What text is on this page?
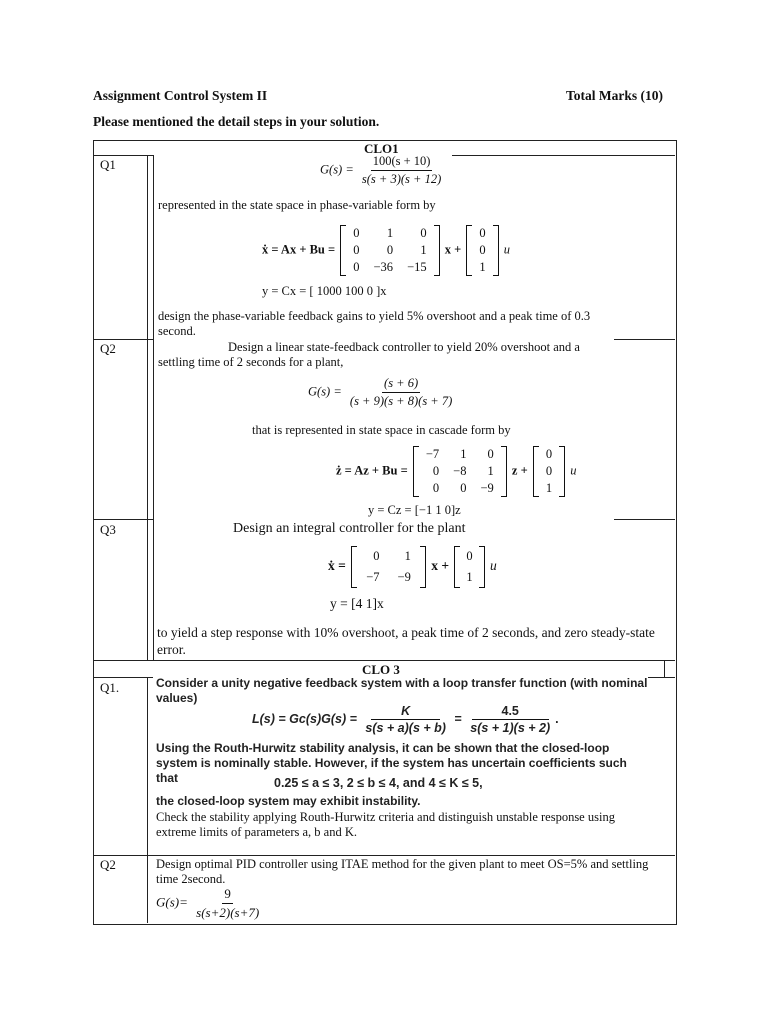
Assignment Control System II	Total Marks (10)
Please mentioned the detail steps in your solution.
CLO1
CLO 3
Q1	$G(s) = \frac{100(s + 10)}{s(s + 3)(s + 12)}$
represented in the state space in phase-variable form by
ẋ = Ax + Bu =
0	1	0
0	0	1
0	−36	−15
x +
0
0
1
u
y = Cx = [ 1000 100 0 ]x
design the phase-variable feedback gains to yield 5% overshoot and a peak time of 0.3 second.
Q2	Design a linear state-feedback controller to yield 20% overshoot and a settling time of 2 seconds for a plant,
$G(s) = \frac{(s + 6)}{(s + 9)(s + 8)(s + 7)}$
that is represented in state space in cascade form by
ż = Az + Bu =
−7	1	0
0	−8	1
0	0	−9
z +
0
0
1
u
y = Cz = [−1 1 0]z
Q3	Design an integral controller for the plant
ẋ =
0	1
−7	−9
x +
0
1
u
y = [4 1]x
to yield a step response with 10% overshoot, a peak time of 2 seconds, and zero steady-state error.
Q1.	Consider a unity negative feedback system with a loop transfer function (with nominal values)
$L(s) = Gc(s)G(s) = \frac{K}{s(s + a)(s + b)} = \frac{4.5}{s(s + 1)(s + 2)}$ .
Using the Routh-Hurwitz stability analysis, it can be shown that the closed-loop system is nominally stable. However, if the system has uncertain coefficients such that	0.25 ≤ a ≤ 3, 2 ≤ b ≤ 4, and 4 ≤ K ≤ 5,
the closed-loop system may exhibit instability.
Check the stability applying Routh-Hurwitz criteria and distinguish unstable response using extreme limits of parameters a, b and K.
Q2	Design optimal PID controller using ITAE method for the given plant to meet OS=5% and settling time 2second.
$G(s)= \frac{9}{s(s+2)(s+7)}$
